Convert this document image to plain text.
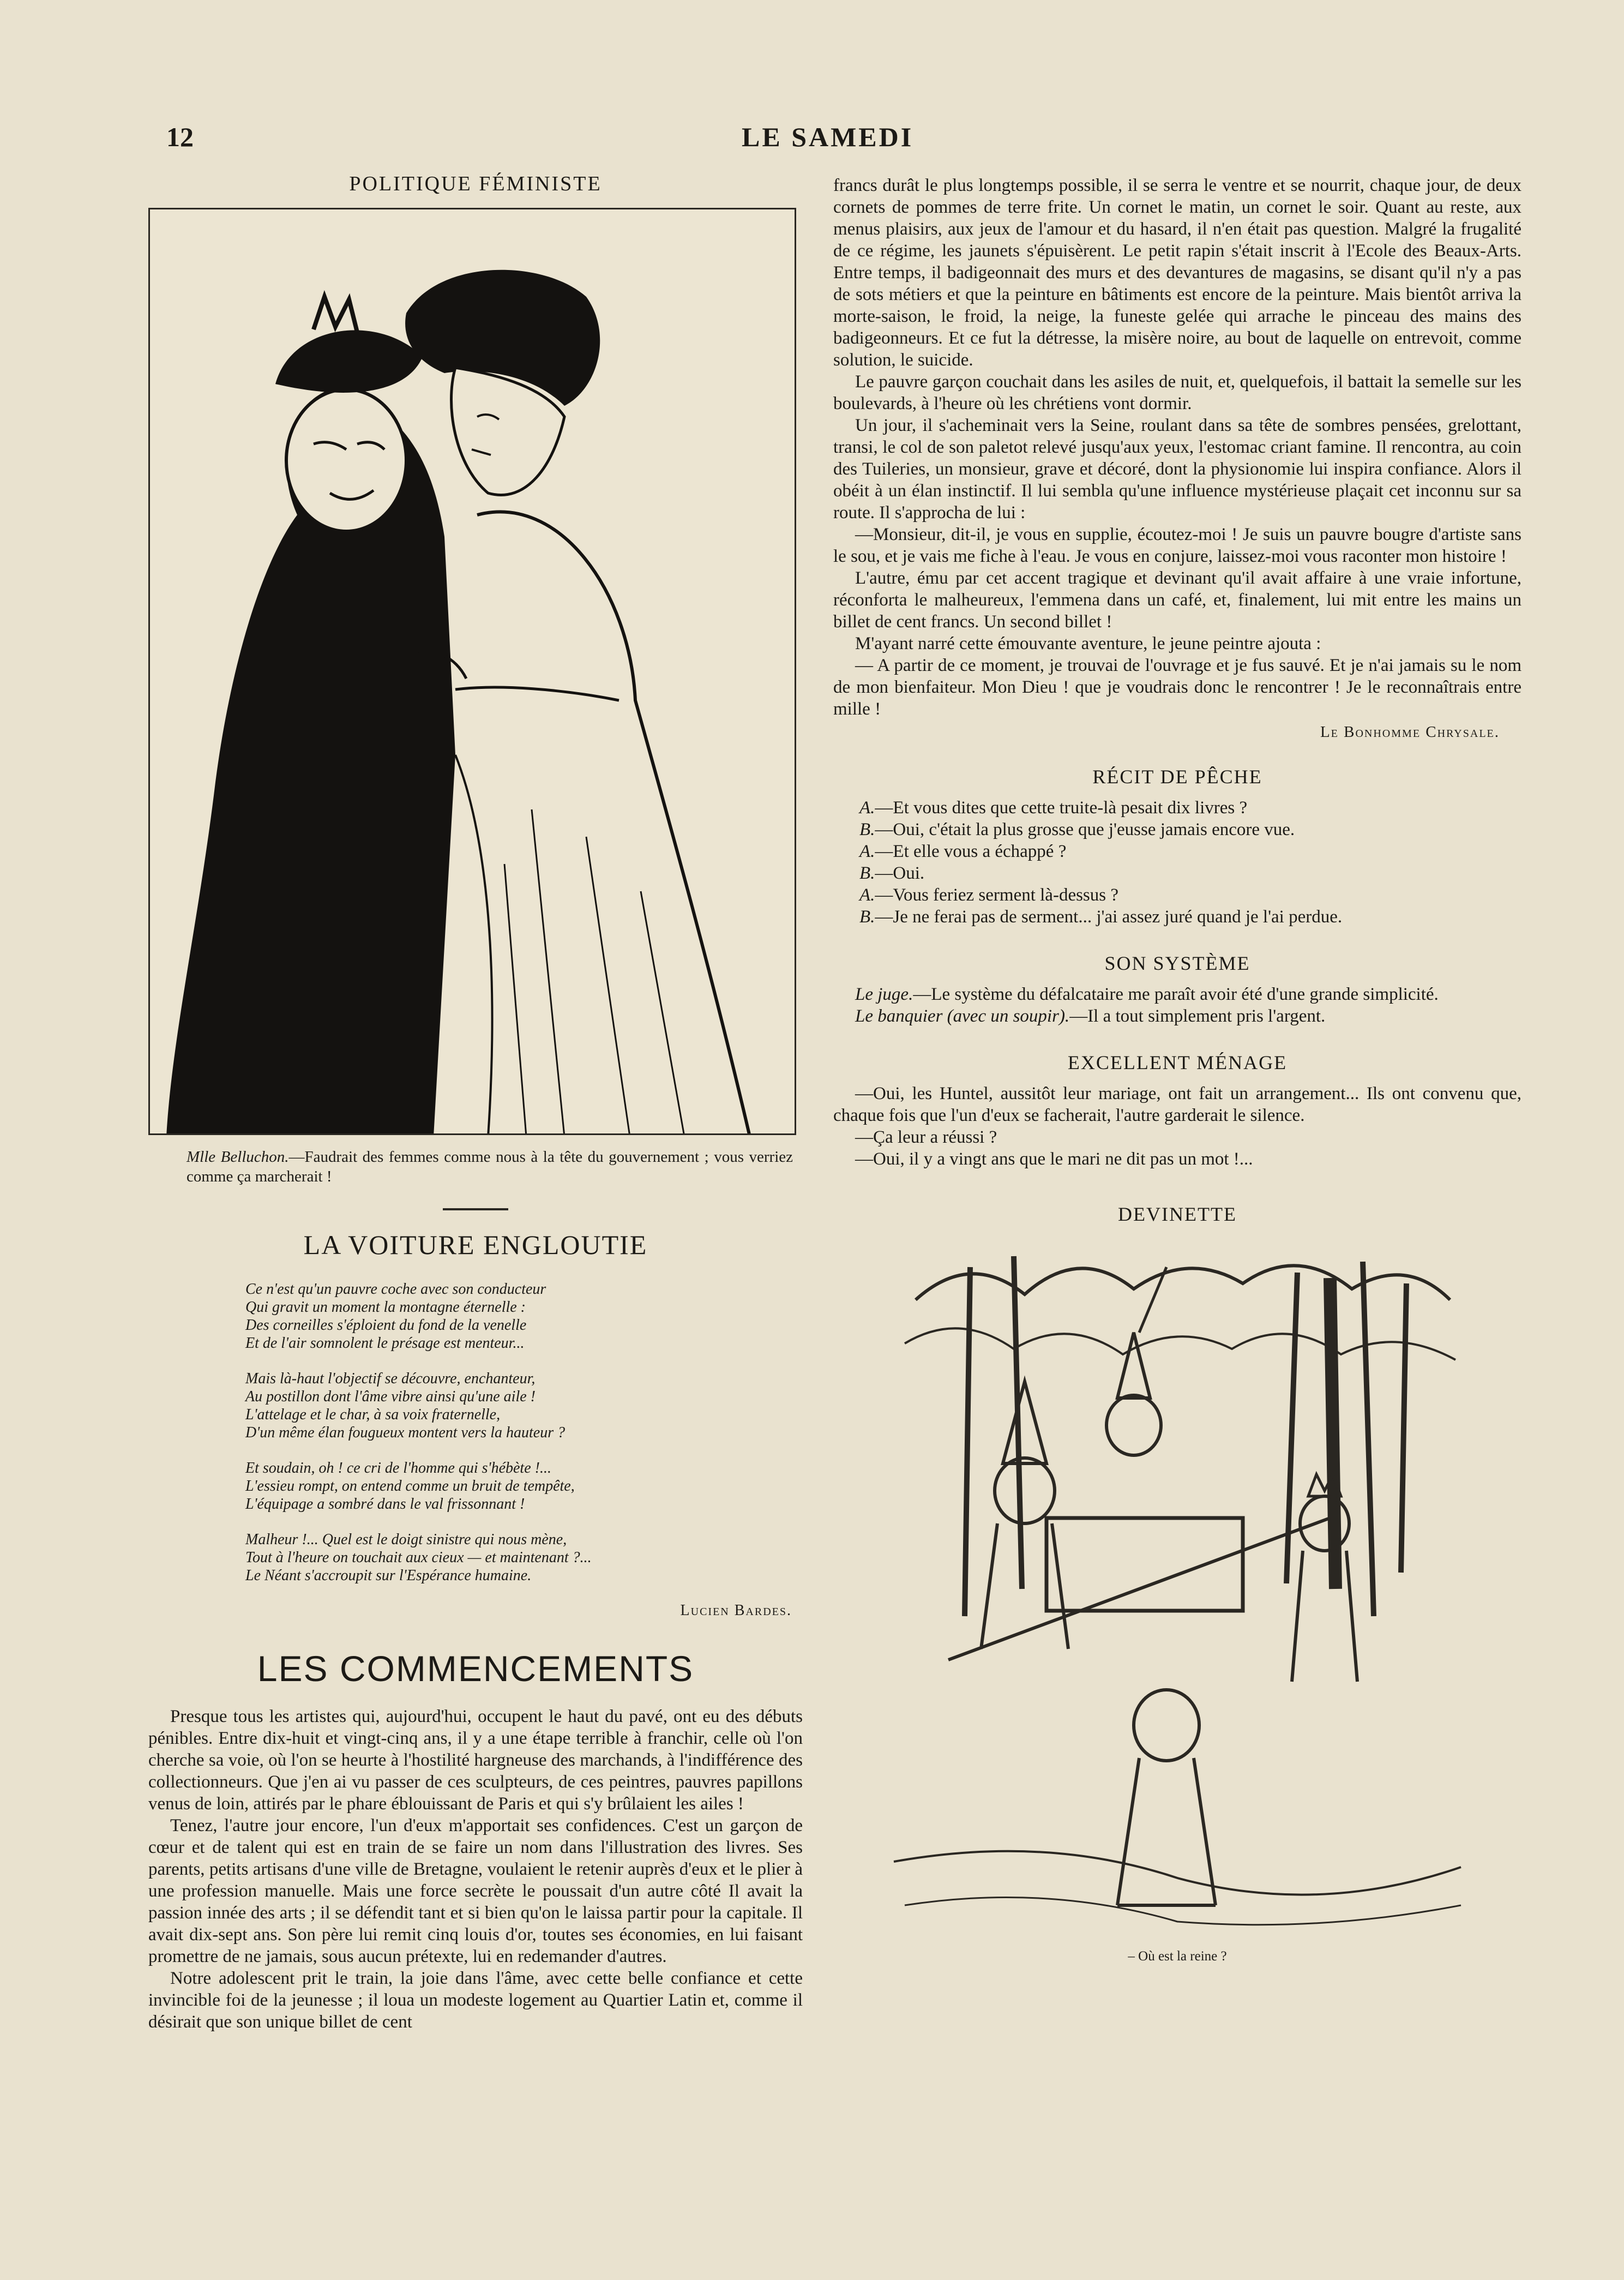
12	LE SAMEDI
POLITIQUE FÉMINISTE
Mlle Belluchon.—Faudrait des femmes comme nous à la tête du gouvernement ; vous verriez comme ça marcherait !
LA VOITURE ENGLOUTIE
Ce n'est qu'un pauvre coche avec son conducteur
Qui gravit un moment la montagne éternelle :
Des corneilles s'éploient du fond de la venelle
Et de l'air somnolent le présage est menteur...
Mais là-haut l'objectif se découvre, enchanteur,
Au postillon dont l'âme vibre ainsi qu'une aile !
L'attelage et le char, à sa voix fraternelle,
D'un même élan fougueux montent vers la hauteur ?
Et soudain, oh ! ce cri de l'homme qui s'hébète !...
L'essieu rompt, on entend comme un bruit de tempête,
L'équipage a sombré dans le val frissonnant !
Malheur !... Quel est le doigt sinistre qui nous mène,
Tout à l'heure on touchait aux cieux — et maintenant ?...
Le Néant s'accroupit sur l'Espérance humaine.
Lucien Bardes.
LES COMMENCEMENTS

Presque tous les artistes qui, aujourd'hui, occupent le haut du pavé, ont eu des débuts pénibles. Entre dix-huit et vingt-cinq ans, il y a une étape terrible à franchir, celle où l'on cherche sa voie, où l'on se heurte à l'hostilité hargneuse des marchands, à l'indifférence des collectionneurs. Que j'en ai vu passer de ces sculpteurs, de ces peintres, pauvres papillons venus de loin, attirés par le phare éblouissant de Paris et qui s'y brûlaient les ailes !

Tenez, l'autre jour encore, l'un d'eux m'apportait ses confidences. C'est un garçon de cœur et de talent qui est en train de se faire un nom dans l'illustration des livres. Ses parents, petits artisans d'une ville de Bretagne, voulaient le retenir auprès d'eux et le plier à une profession manuelle. Mais une force secrète le poussait d'un autre côté Il avait la passion innée des arts ; il se défendit tant et si bien qu'on le laissa partir pour la capitale. Il avait dix-sept ans. Son père lui remit cinq louis d'or, toutes ses économies, en lui faisant promettre de ne jamais, sous aucun prétexte, lui en redemander d'autres.

Notre adolescent prit le train, la joie dans l'âme, avec cette belle confiance et cette invincible foi de la jeunesse ; il loua un modeste logement au Quartier Latin et, comme il désirait que son unique billet de cent

francs durât le plus longtemps possible, il se serra le ventre et se nourrit, chaque jour, de deux cornets de pommes de terre frite. Un cornet le matin, un cornet le soir. Quant au reste, aux menus plaisirs, aux jeux de l'amour et du hasard, il n'en était pas question. Malgré la frugalité de ce régime, les jaunets s'épuisèrent. Le petit rapin s'était inscrit à l'Ecole des Beaux-Arts. Entre temps, il badigeonnait des murs et des devantures de magasins, se disant qu'il n'y a pas de sots métiers et que la peinture en bâtiments est encore de la peinture. Mais bientôt arriva la morte-saison, le froid, la neige, la funeste gelée qui arrache le pinceau des mains des badigeonneurs. Et ce fut la détresse, la misère noire, au bout de laquelle on entrevoit, comme solution, le suicide.

Le pauvre garçon couchait dans les asiles de nuit, et, quelquefois, il battait la semelle sur les boulevards, à l'heure où les chrétiens vont dormir.

Un jour, il s'acheminait vers la Seine, roulant dans sa tête de sombres pensées, grelottant, transi, le col de son paletot relevé jusqu'aux yeux, l'estomac criant famine. Il rencontra, au coin des Tuileries, un monsieur, grave et décoré, dont la physionomie lui inspira confiance. Alors il obéit à un élan instinctif. Il lui sembla qu'une influence mystérieuse plaçait cet inconnu sur sa route. Il s'approcha de lui :

—Monsieur, dit-il, je vous en supplie, écoutez-moi ! Je suis un pauvre bougre d'artiste sans le sou, et je vais me fiche à l'eau. Je vous en conjure, laissez-moi vous raconter mon histoire !

L'autre, ému par cet accent tragique et devinant qu'il avait affaire à une vraie infortune, réconforta le malheureux, l'emmena dans un café, et, finalement, lui mit entre les mains un billet de cent francs. Un second billet !

M'ayant narré cette émouvante aventure, le jeune peintre ajouta :

— A partir de ce moment, je trouvai de l'ouvrage et je fus sauvé. Et je n'ai jamais su le nom de mon bienfaiteur. Mon Dieu ! que je voudrais donc le rencontrer ! Je le reconnaîtrais entre mille !

Le Bonhomme Chrysale.
RÉCIT DE PÊCHE

A.—Et vous dites que cette truite-là pesait dix livres ?

B.—Oui, c'était la plus grosse que j'eusse jamais encore vue.

A.—Et elle vous a échappé ?

B.—Oui.

A.—Vous feriez serment là-dessus ?

B.—Je ne ferai pas de serment... j'ai assez juré quand je l'ai perdue.

SON SYSTÈME

Le juge.—Le système du défalcataire me paraît avoir été d'une grande simplicité.

Le banquier (avec un soupir).—Il a tout simplement pris l'argent.

EXCELLENT MÉNAGE

—Oui, les Huntel, aussitôt leur mariage, ont fait un arrangement... Ils ont convenu que, chaque fois que l'un d'eux se facherait, l'autre garderait le silence.

—Ça leur a réussi ?

—Oui, il y a vingt ans que le mari ne dit pas un mot !...

DEVINETTE
– Où est la reine ?
